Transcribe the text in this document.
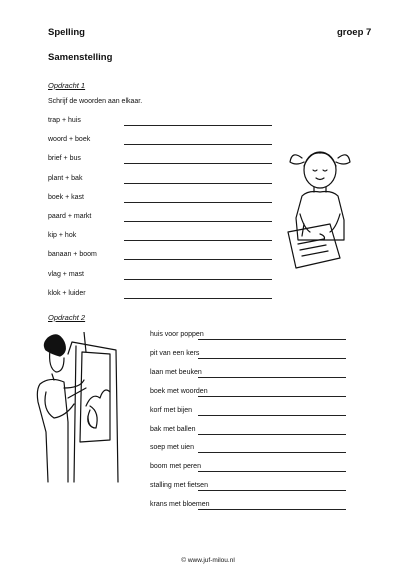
Spelling	groep 7
Samenstelling
Opdracht 1
Schrijf de woorden aan elkaar.
trap + huis
woord + boek
brief + bus
plant + bak
boek + kast
paard + markt
kip + hok
banaan + boom
vlag + mast
klok + luider
Opdracht 2
huis voor poppen
pit van een kers
laan met beuken
boek met woorden
korf met bijen
bak met ballen
soep met uien
boom met peren
stalling met fietsen
krans met bloemen
© www.juf-milou.nl
